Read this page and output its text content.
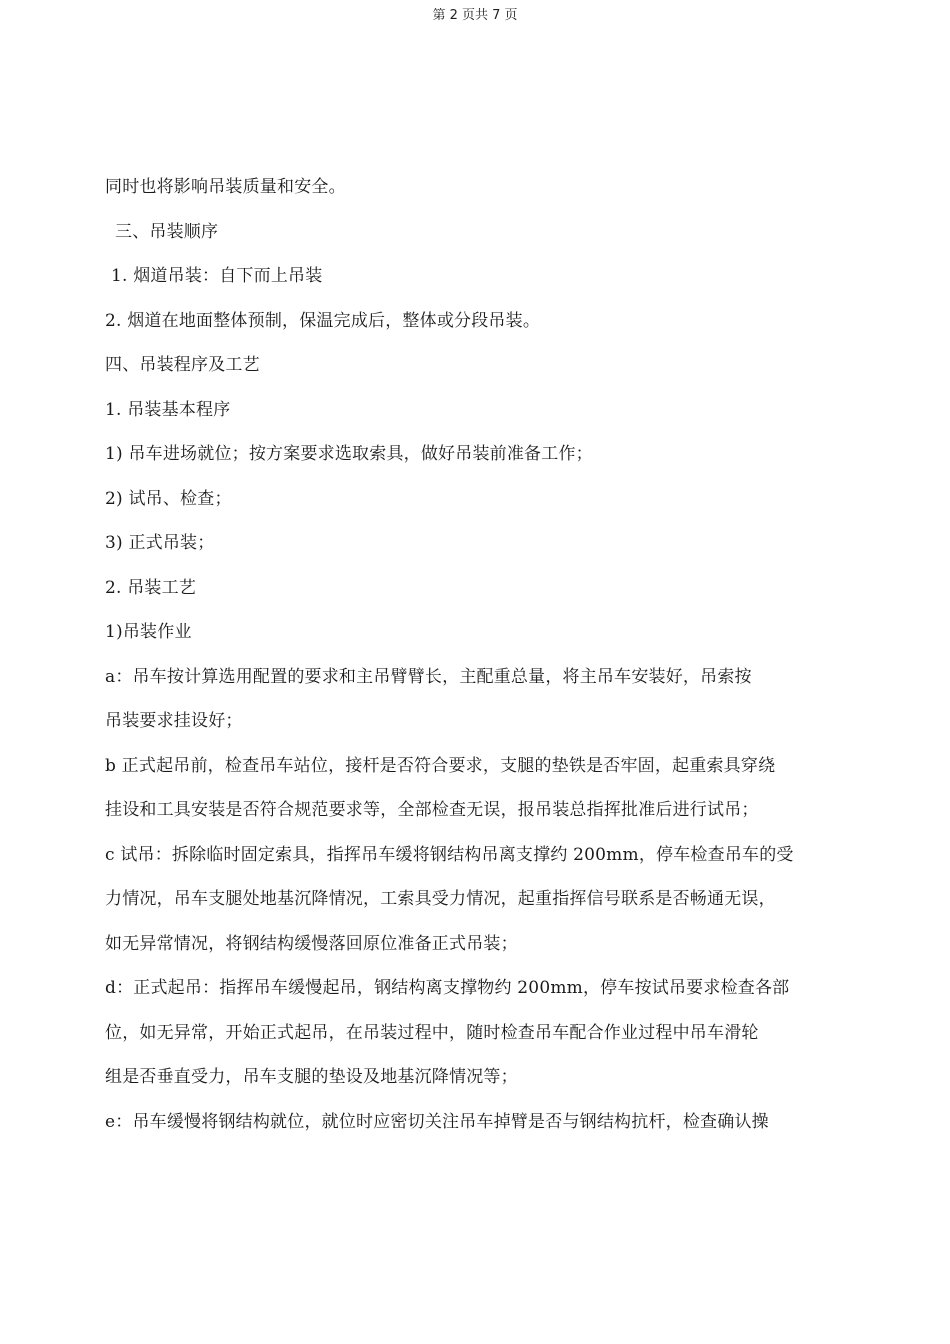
第 2 页共 7 页
同时也将影响吊装质量和安全。
三、吊装顺序
1. 烟道吊装：自下而上吊装
2. 烟道在地面整体预制，保温完成后，整体或分段吊装。
四、吊装程序及工艺
1. 吊装基本程序
1) 吊车进场就位；按方案要求选取索具，做好吊装前准备工作；
2) 试吊、检查；
3) 正式吊装；
2. 吊装工艺
1)吊装作业
a：吊车按计算选用配置的要求和主吊臂臂长，主配重总量，将主吊车安装好，吊索按
吊装要求挂设好；
b 正式起吊前，检查吊车站位，接杆是否符合要求，支腿的垫铁是否牢固，起重索具穿绕
挂设和工具安装是否符合规范要求等，全部检查无误，报吊装总指挥批准后进行试吊；
c 试吊：拆除临时固定索具，指挥吊车缓将钢结构吊离支撑约 200mm，停车检查吊车的受
力情况，吊车支腿处地基沉降情况，工索具受力情况，起重指挥信号联系是否畅通无误，
如无异常情况，将钢结构缓慢落回原位准备正式吊装；
d：正式起吊：指挥吊车缓慢起吊，钢结构离支撑物约 200mm，停车按试吊要求检查各部
位，如无异常，开始正式起吊，在吊装过程中，随时检查吊车配合作业过程中吊车滑轮
组是否垂直受力，吊车支腿的垫设及地基沉降情况等；
e：吊车缓慢将钢结构就位，就位时应密切关注吊车掉臂是否与钢结构抗杆，检查确认操
